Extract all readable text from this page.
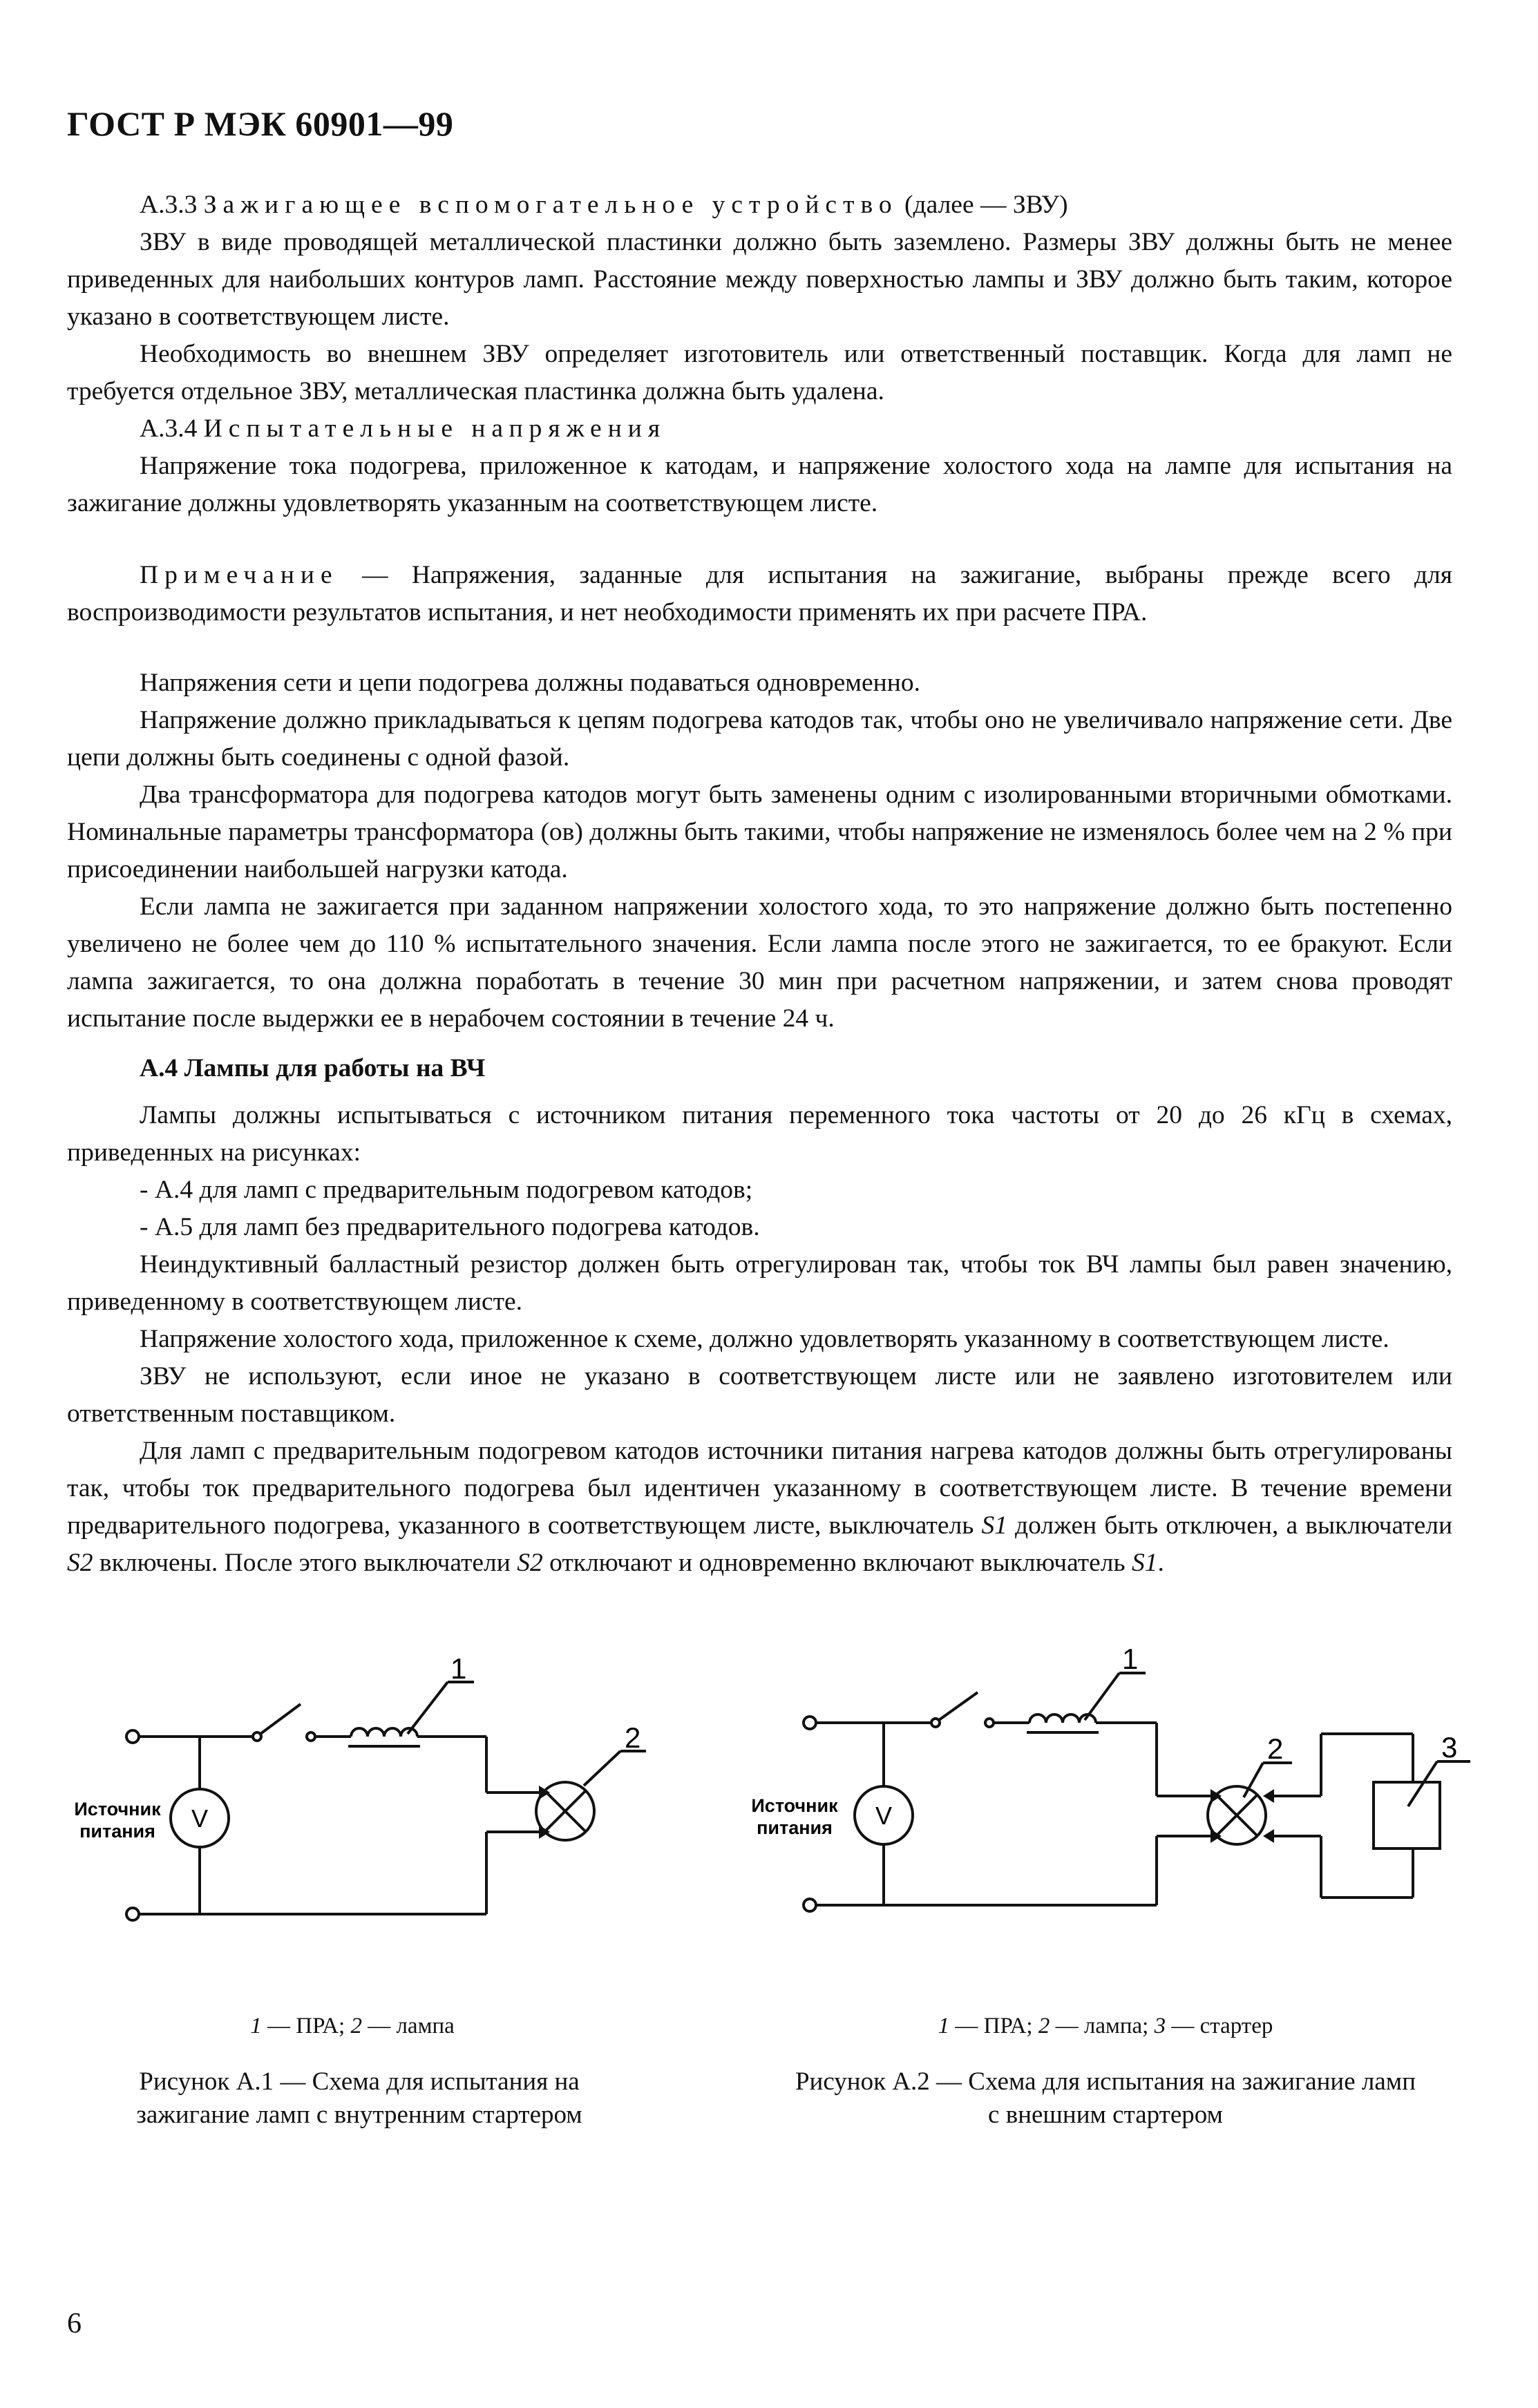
ГОСТ Р МЭК 60901—99

А.3.3 Зажигающее вспомогательное устройство (далее — ЗВУ)

ЗВУ в виде проводящей металлической пластинки должно быть заземлено. Размеры ЗВУ должны быть не менее приведенных для наибольших контуров ламп. Расстояние между поверхностью лампы и ЗВУ должно быть таким, которое указано в соответствующем листе.

Необходимость во внешнем ЗВУ определяет изготовитель или ответственный поставщик. Когда для ламп не требуется отдельное ЗВУ, металлическая пластинка должна быть удалена.

А.3.4 Испытательные напряжения

Напряжение тока подогрева, приложенное к катодам, и напряжение холостого хода на лампе для испытания на зажигание должны удовлетворять указанным на соответствующем листе.

Примечание — Напряжения, заданные для испытания на зажигание, выбраны прежде всего для воспроизводимости результатов испытания, и нет необходимости применять их при расчете ПРА.

Напряжения сети и цепи подогрева должны подаваться одновременно.

Напряжение должно прикладываться к цепям подогрева катодов так, чтобы оно не увеличивало напряжение сети. Две цепи должны быть соединены с одной фазой.

Два трансформатора для подогрева катодов могут быть заменены одним с изолированными вторичными обмотками. Номинальные параметры трансформатора (ов) должны быть такими, чтобы напряжение не изменялось более чем на 2 % при присоединении наибольшей нагрузки катода.

Если лампа не зажигается при заданном напряжении холостого хода, то это напряжение должно быть постепенно увеличено не более чем до 110 % испытательного значения. Если лампа после этого не зажигается, то ее бракуют. Если лампа зажигается, то она должна поработать в течение 30 мин при расчетном напряжении, и затем снова проводят испытание после выдержки ее в нерабочем состоянии в течение 24 ч.

А.4 Лампы для работы на ВЧ

Лампы должны испытываться с источником питания переменного тока частоты от 20 до 26 кГц в схемах, приведенных на рисунках:

- А.4 для ламп с предварительным подогревом катодов;

- А.5 для ламп без предварительного подогрева катодов.

Неиндуктивный балластный резистор должен быть отрегулирован так, чтобы ток ВЧ лампы был равен значению, приведенному в соответствующем листе.

Напряжение холостого хода, приложенное к схеме, должно удовлетворять указанному в соответствующем листе.

ЗВУ не используют, если иное не указано в соответствующем листе или не заявлено изготовителем или ответственным поставщиком.

Для ламп с предварительным подогревом катодов источники питания нагрева катодов должны быть отрегулированы так, чтобы ток предварительного подогрева был идентичен указанному в соответствующем листе. В течение времени предварительного подогрева, указанного в соответствующем листе, выключатель S1 должен быть отключен, а выключатели S2 включены. После этого выключатели S2 отключают и одновременно включают выключатель S1.

Источник
питания V
1
2
1 — ПРА; 2 — лампа
Рисунок А.1 — Схема для испытания на
зажигание ламп с внутренним стартером
Источник
питания V
1
2	3
1 — ПРА; 2 — лампа; 3 — стартер
Рисунок А.2 — Схема для испытания на зажигание ламп
с внешним стартером
6
